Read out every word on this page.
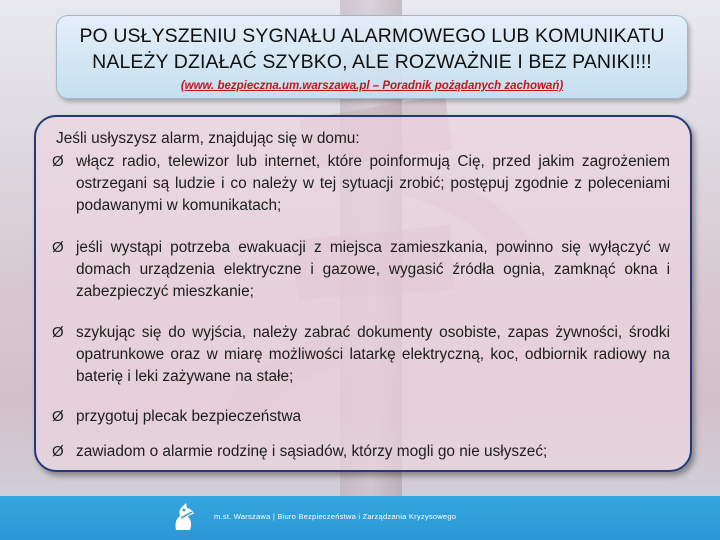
PO USŁYSZENIU SYGNAŁU ALARMOWEGO LUB KOMUNIKATU NALEŻY DZIAŁAĆ SZYBKO, ALE ROZWAŻNIE I BEZ PANIKI!!!

(www. bezpieczna.um.warszawa.pl – Poradnik pożądanych zachowań)
Jeśli usłyszysz alarm, znajdując się w domu:
Ø włącz radio, telewizor lub internet, które poinformują Cię, przed jakim zagrożeniem ostrzegani są ludzie i co należy w tej sytuacji zrobić; postępuj zgodnie z poleceniami podawanymi w komunikatach;
Ø jeśli wystąpi potrzeba ewakuacji z miejsca zamieszkania, powinno się wyłączyć w domach urządzenia elektryczne i gazowe, wygasić źródła ognia, zamknąć okna i zabezpieczyć mieszkanie;
Ø szykując się do wyjścia, należy zabrać dokumenty osobiste, zapas żywności, środki opatrunkowe oraz w miarę możliwości latarkę elektryczną, koc, odbiornik radiowy na baterię i leki zażywane na stałe;
Ø przygotuj plecak bezpieczeństwa
Ø zawiadom o alarmie rodzinę i sąsiadów, którzy mogli go nie usłyszeć;
m.st. Warszawa | Biuro Bezpieczeństwa i Zarządzania Kryzysowego
